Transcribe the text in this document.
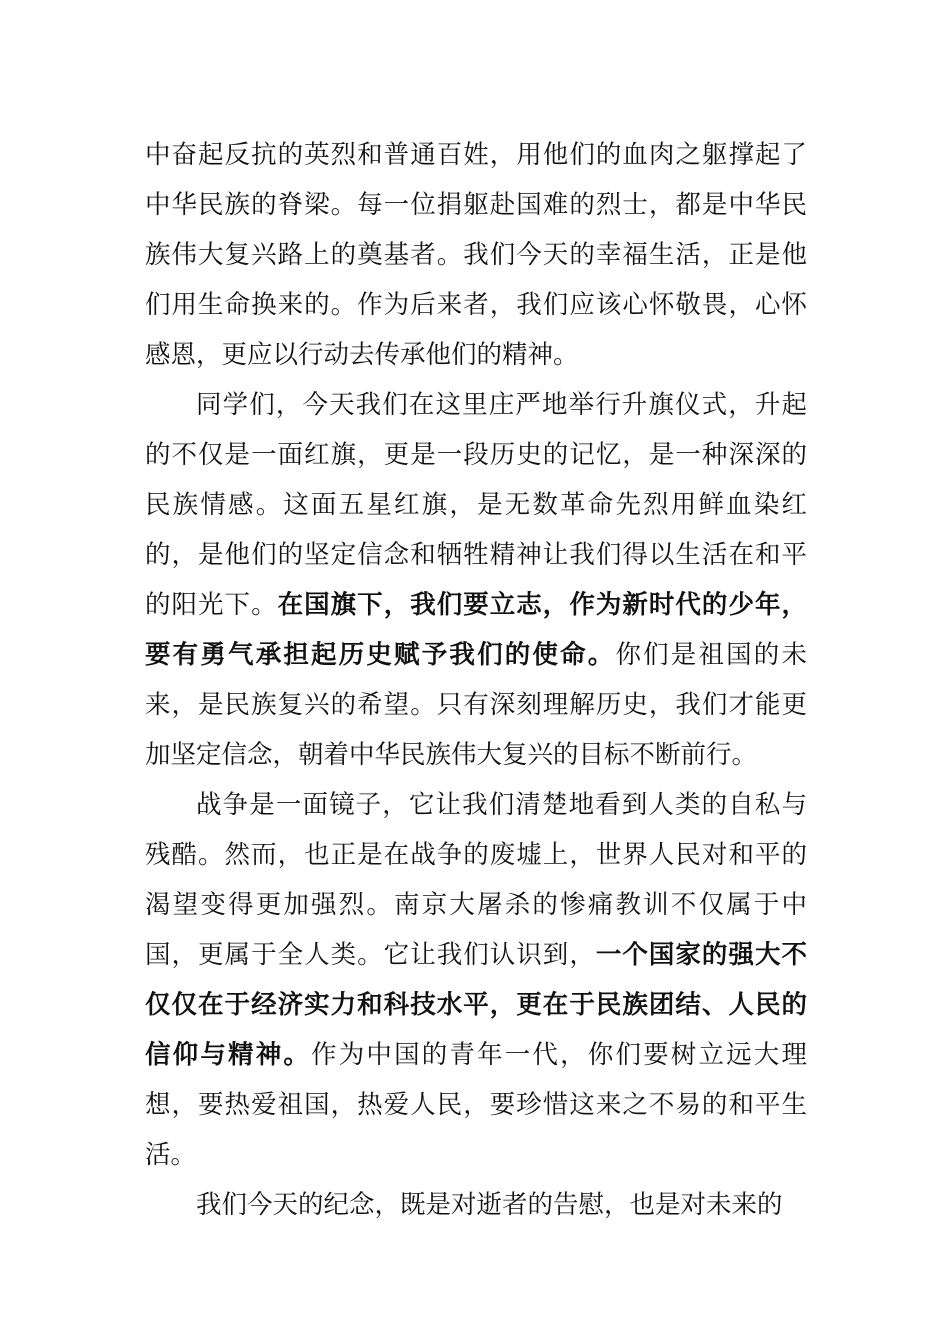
中奋起反抗的英烈和普通百姓，用他们的血肉之躯撑起了中华民族的脊梁。每一位捐躯赴国难的烈士，都是中华民族伟大复兴路上的奠基者。我们今天的幸福生活，正是他们用生命换来的。作为后来者，我们应该心怀敬畏，心怀感恩，更应以行动去传承他们的精神。

同学们，今天我们在这里庄严地举行升旗仪式，升起的不仅是一面红旗，更是一段历史的记忆，是一种深深的民族情感。这面五星红旗，是无数革命先烈用鲜血染红的，是他们的坚定信念和牺牲精神让我们得以生活在和平的阳光下。在国旗下，我们要立志，作为新时代的少年，要有勇气承担起历史赋予我们的使命。你们是祖国的未来，是民族复兴的希望。只有深刻理解历史，我们才能更加坚定信念，朝着中华民族伟大复兴的目标不断前行。

战争是一面镜子，它让我们清楚地看到人类的自私与残酷。然而，也正是在战争的废墟上，世界人民对和平的渴望变得更加强烈。南京大屠杀的惨痛教训不仅属于中国，更属于全人类。它让我们认识到，一个国家的强大不仅仅在于经济实力和科技水平，更在于民族团结、人民的信仰与精神。作为中国的青年一代，你们要树立远大理想，要热爱祖国，热爱人民，要珍惜这来之不易的和平生活。

我们今天的纪念，既是对逝者的告慰，也是对未来的
